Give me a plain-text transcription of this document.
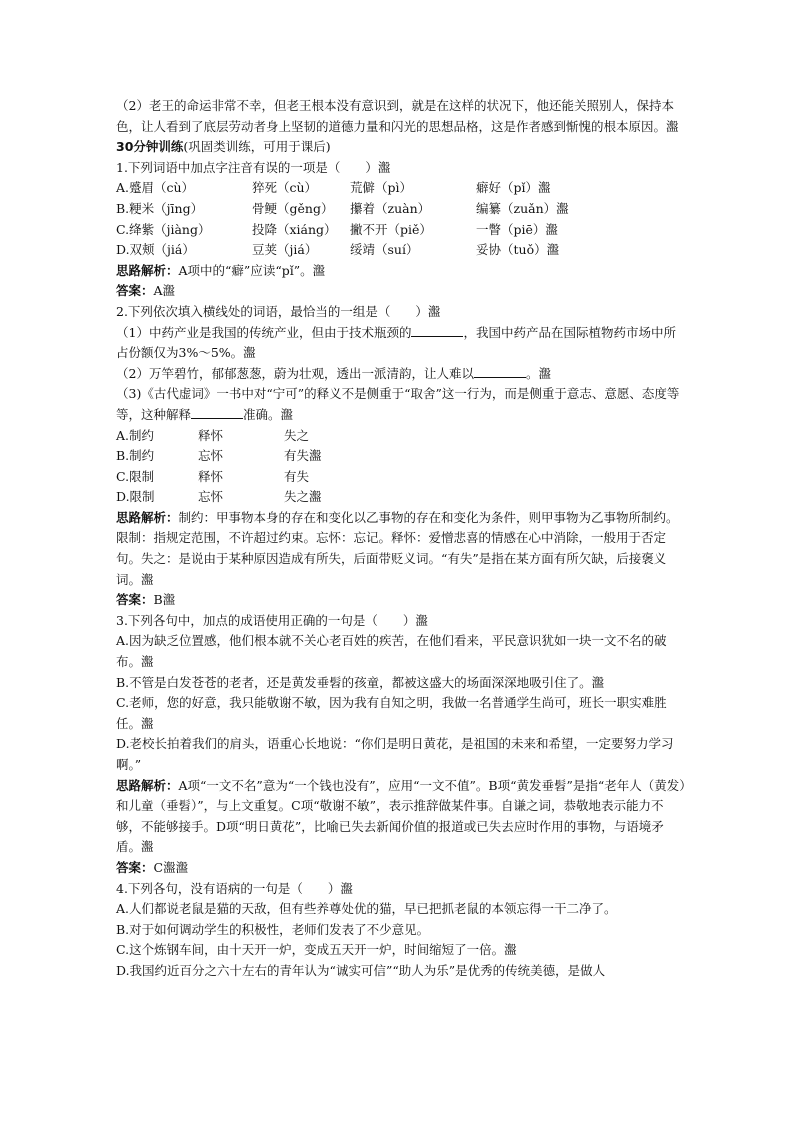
（2）老王的命运非常不幸，但老王根本没有意识到，就是在这样的状况下，他还能关照别人，保持本色，让人看到了底层劳动者身上坚韧的道德力量和闪光的思想品格，这是作者感到惭愧的根本原因。瀊

30分钟训练(巩固类训练，可用于课后)

1.下列词语中加点字注音有误的一项是（　　）瀊

A.蹙眉（cù）	猝死（cù）	荒僻（pì）	癖好（pǐ）瀊
B.粳米（jīng）	骨鲠（gěng）	攥着（zuàn）	编纂（zuǎn）瀊
C.绛紫（jiàng）	投降（xiáng）	撇不开（piě）	一瞥（piē）瀊
D.双颊（jiá）	豆荚（jiá）	绥靖（suí）	妥协（tuǒ）瀊

思路解析：A项中的“癖”应读“pǐ”。瀊

答案：A瀊

2.下列依次填入横线处的词语，最恰当的一组是（　　）瀊

（1）中药产业是我国的传统产业，但由于技术瓶颈的	，我国中药产品在国际植物药市场中所占份额仅为3%～5%。瀊

（2）万竿碧竹，郁郁葱葱，蔚为壮观，透出一派清韵，让人难以	。瀊

（3)《古代虚词》一书中对“宁可”的释义不是侧重于“取舍”这一行为，而是侧重于意志、意愿、态度等等，这种解释	准确。瀊

A.制约	释怀	失之
B.制约	忘怀	有失瀊
C.限制	释怀	有失
D.限制	忘怀	失之瀊

思路解析：制约：甲事物本身的存在和变化以乙事物的存在和变化为条件，则甲事物为乙事物所制约。限制：指规定范围，不许超过约束。忘怀：忘记。释怀：爱憎悲喜的情感在心中消除，一般用于否定句。失之：是说由于某种原因造成有所失，后面带贬义词。“有失”是指在某方面有所欠缺，后接褒义词。瀊

答案：B瀊

3.下列各句中，加点的成语使用正确的一句是（　　）瀊

A.因为缺乏位置感，他们根本就不关心老百姓的疾苦，在他们看来，平民意识犹如一块一文不名的破布。瀊

B.不管是白发苍苍的老者，还是黄发垂髫的孩童，都被这盛大的场面深深地吸引住了。瀊

C.老师，您的好意，我只能敬谢不敏，因为我有自知之明，我做一名普通学生尚可，班长一职实难胜任。瀊

D.老校长拍着我们的肩头，语重心长地说：“你们是明日黄花，是祖国的未来和希望，一定要努力学习啊。”

思路解析：A项“一文不名”意为“一个钱也没有”，应用“一文不值”。B项“黄发垂髫”是指“老年人（黄发）和儿童（垂髫）”，与上文重复。C项“敬谢不敏”，表示推辞做某件事。自谦之词，恭敬地表示能力不够，不能够接手。D项“明日黄花”，比喻已失去新闻价值的报道或已失去应时作用的事物，与语境矛盾。瀊

答案：C瀊瀊

4.下列各句，没有语病的一句是（　　）瀊

A.人们都说老鼠是猫的天敌，但有些养尊处优的猫，早已把抓老鼠的本领忘得一干二净了。

B.对于如何调动学生的积极性，老师们发表了不少意见。

C.这个炼钢车间，由十天开一炉，变成五天开一炉，时间缩短了一倍。瀊

D.我国约近百分之六十左右的青年认为“诚实可信”“助人为乐”是优秀的传统美德，是做人
